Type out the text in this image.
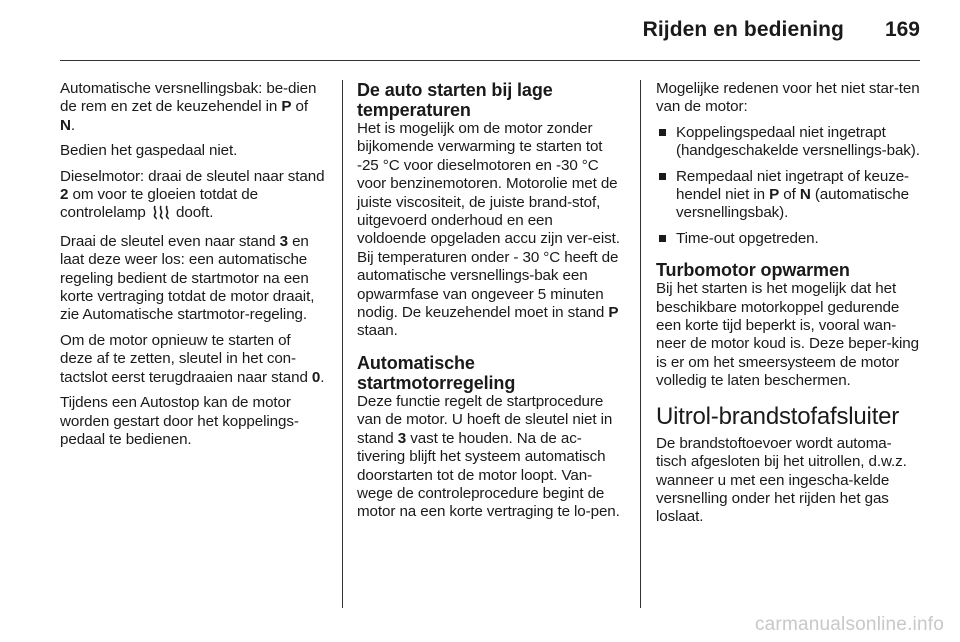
Rijden en bediening 169

Automatische versnellingsbak: be-dien de rem en zet de keuzehendel in P of N.

Bedien het gaspedaal niet.

Dieselmotor: draai de sleutel naar stand 2 om voor te gloeien totdat de controlelamp  dooft.

Draai de sleutel even naar stand 3 en laat deze weer los: een automatische regeling bedient de startmotor na een korte vertraging totdat de motor draait, zie Automatische startmotor-regeling.

Om de motor opnieuw te starten of deze af te zetten, sleutel in het con-tactslot eerst terugdraaien naar stand 0.

Tijdens een Autostop kan de motor worden gestart door het koppelings-pedaal te bedienen.

De auto starten bij lage temperaturen

Het is mogelijk om de motor zonder bijkomende verwarming te starten tot -25 °C voor dieselmotoren en -30 °C voor benzinemotoren. Motorolie met de juiste viscositeit, de juiste brand-stof, uitgevoerd onderhoud en een voldoende opgeladen accu zijn ver-eist. Bij temperaturen onder - 30 °C heeft de automatische versnellings-bak een opwarmfase van ongeveer 5 minuten nodig. De keuzehendel moet in stand P staan.

Automatische startmotorregeling

Deze functie regelt de startprocedure van de motor. U hoeft de sleutel niet in stand 3 vast te houden. Na de ac-tivering blijft het systeem automatisch doorstarten tot de motor loopt. Van-wege de controleprocedure begint de motor na een korte vertraging te lo-pen.

Mogelijke redenen voor het niet star-ten van de motor:

Koppelingspedaal niet ingetrapt (handgeschakelde versnellings-bak).
Rempedaal niet ingetrapt of keuze-hendel niet in P of N (automatische versnellingsbak).
Time-out opgetreden.
Turbomotor opwarmen

Bij het starten is het mogelijk dat het beschikbare motorkoppel gedurende een korte tijd beperkt is, vooral wan-neer de motor koud is. Deze beper-king is er om het smeersysteem de motor volledig te laten beschermen.

Uitrol-brandstofafsluiter

De brandstoftoevoer wordt automa-tisch afgesloten bij het uitrollen, d.w.z. wanneer u met een ingescha-kelde versnelling onder het rijden het gas loslaat.

carmanualsonline.info
